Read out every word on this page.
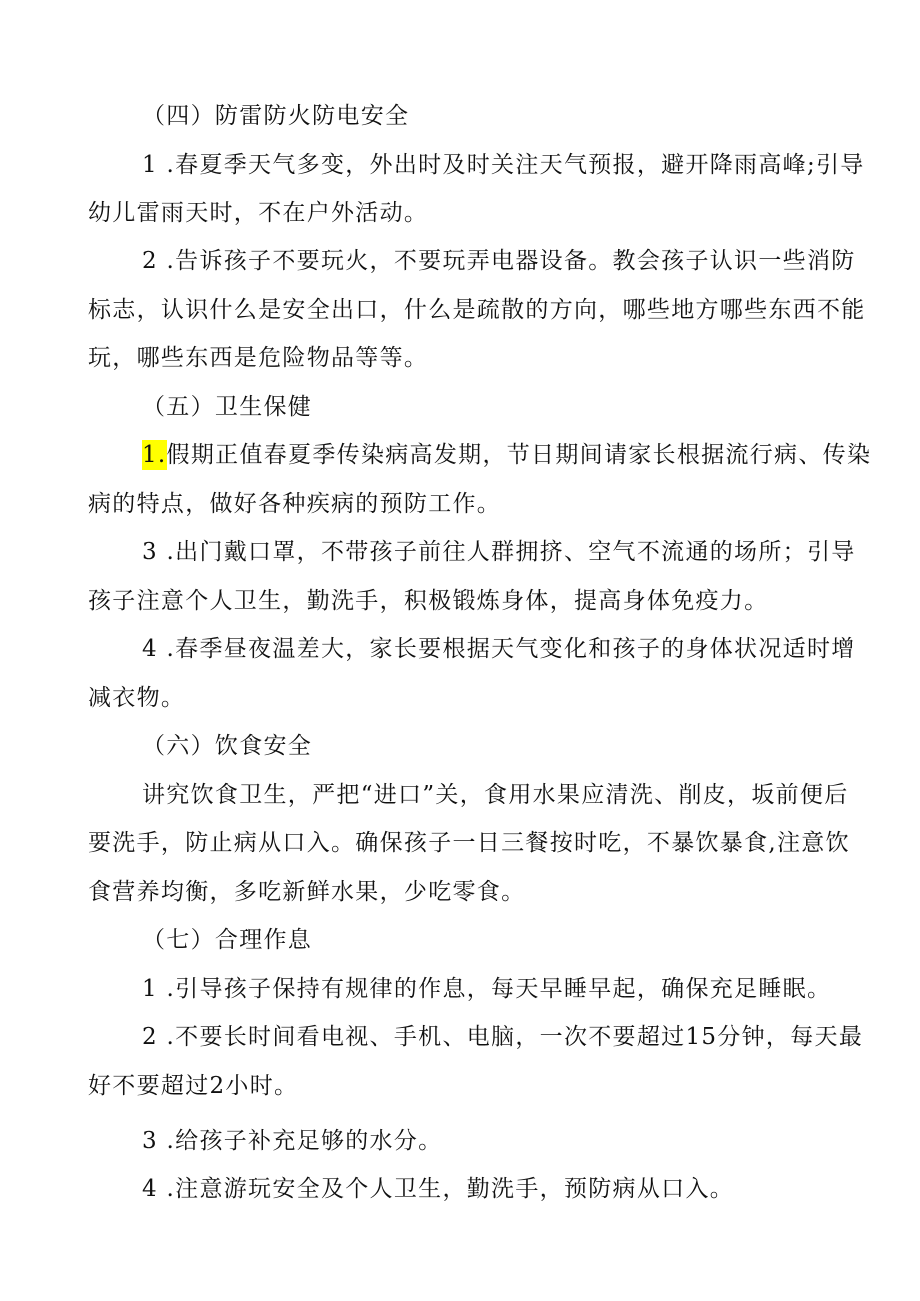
（四）防雷防火防电安全
1 .春夏季天气多变，外出时及时关注天气预报，避开降雨高峰;引导
幼儿雷雨天时，不在户外活动。
2 .告诉孩子不要玩火，不要玩弄电器设备。教会孩子认识一些消防
标志，认识什么是安全出口，什么是疏散的方向，哪些地方哪些东西不能
玩，哪些东西是危险物品等等。
（五）卫生保健
1. 假期正值春夏季传染病高发期，节日期间请家长根据流行病、传染
病的特点，做好各种疾病的预防工作。
3 .出门戴口罩，不带孩子前往人群拥挤、空气不流通的场所；引导
孩子注意个人卫生，勤洗手，积极锻炼身体，提高身体免疫力。
4 .春季昼夜温差大，家长要根据天气变化和孩子的身体状况适时增
减衣物。
（六）饮食安全
讲究饮食卫生，严把“进口”关，食用水果应清洗、削皮，坂前便后
要洗手，防止病从口入。确保孩子一日三餐按时吃，不暴饮暴食,注意饮
食营养均衡，多吃新鲜水果，少吃零食。
（七）合理作息
1 .引导孩子保持有规律的作息，每天早睡早起，确保充足睡眠。
2 .不要长时间看电视、手机、电脑，一次不要超过15分钟，每天最
好不要超过2小时。
3 .给孩子补充足够的水分。
4 .注意游玩安全及个人卫生，勤洗手，预防病从口入。
